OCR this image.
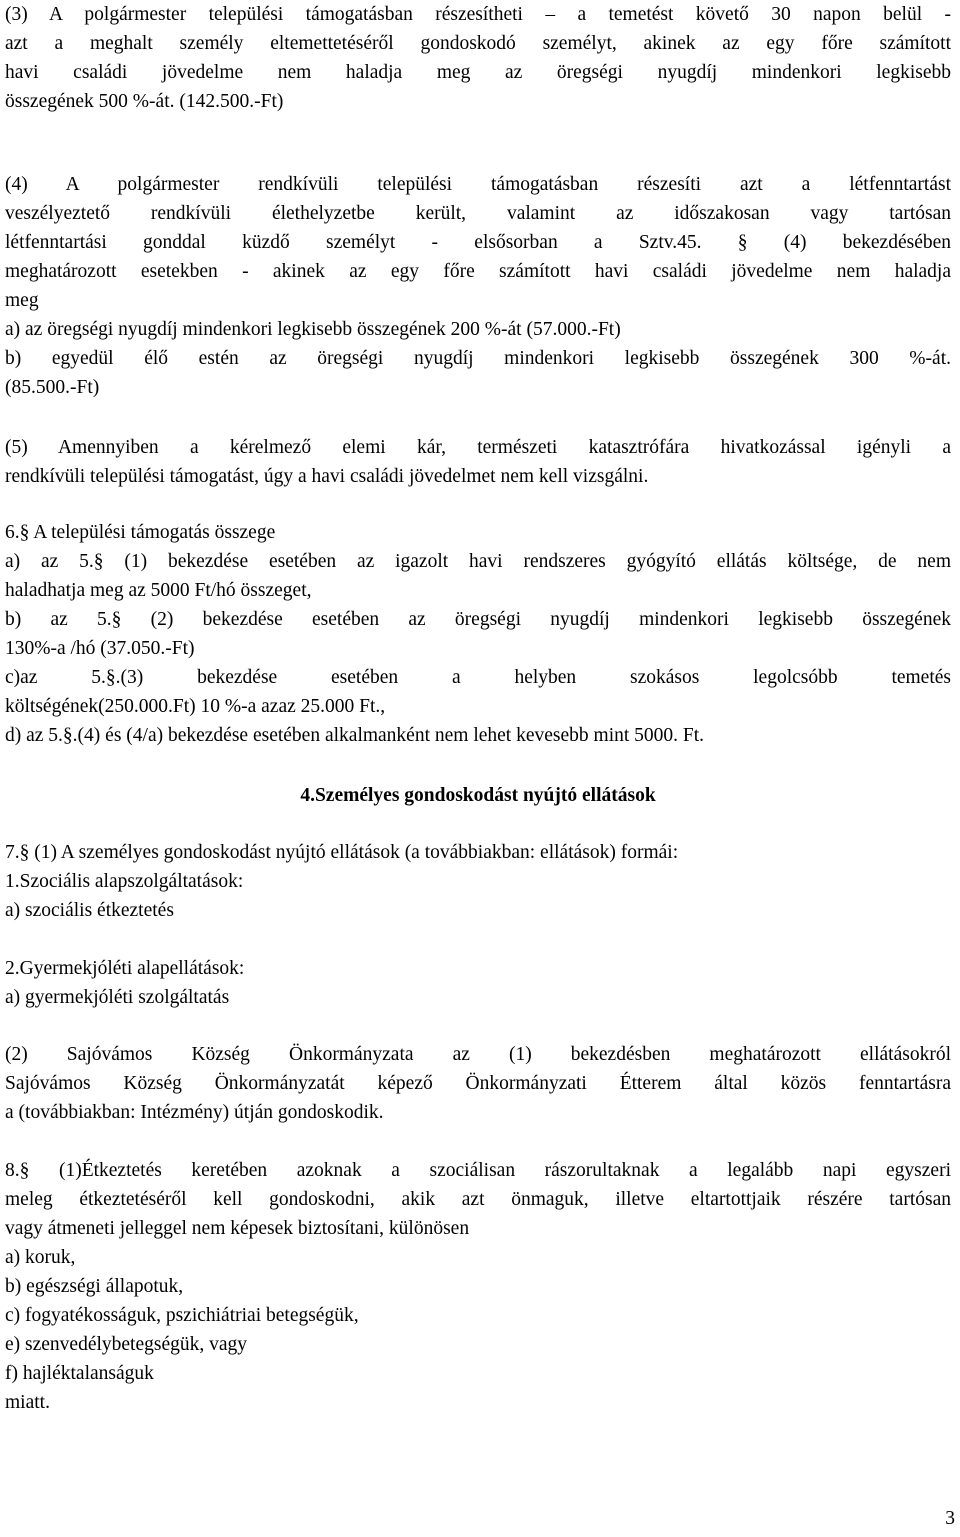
(3) A polgármester települési támogatásban részesítheti – a temetést követő 30 napon belül -

azt a meghalt személy eltemettetéséről gondoskodó személyt, akinek az egy főre számított

havi családi jövedelme nem haladja meg az öregségi nyugdíj mindenkori legkisebb

összegének 500 %-át. (142.500.-Ft)

(4) A polgármester rendkívüli települési támogatásban részesíti azt a létfenntartást

veszélyeztető rendkívüli élethelyzetbe került, valamint az időszakosan vagy tartósan

létfenntartási gonddal küzdő személyt - elsősorban a Sztv.45. § (4) bekezdésében

meghatározott esetekben - akinek az egy főre számított havi családi jövedelme nem haladja

meg

a) az öregségi nyugdíj mindenkori legkisebb összegének 200 %-át (57.000.-Ft)

b) egyedül élő estén az öregségi nyugdíj mindenkori legkisebb összegének 300 %-át.

(85.500.-Ft)

(5) Amennyiben a kérelmező elemi kár, természeti katasztrófára hivatkozással igényli a

rendkívüli települési támogatást, úgy a havi családi jövedelmet nem kell vizsgálni.

6.§ A települési támogatás összege

a) az 5.§ (1) bekezdése esetében az igazolt havi rendszeres gyógyító ellátás költsége, de nem

haladhatja meg az 5000 Ft/hó összeget,

b) az 5.§ (2) bekezdése esetében az öregségi nyugdíj mindenkori legkisebb összegének

130%-a /hó (37.050.-Ft)

c)az 5.§.(3) bekezdése esetében a helyben szokásos legolcsóbb temetés

költségének(250.000.Ft) 10 %-a azaz 25.000 Ft.,

d) az 5.§.(4) és (4/a) bekezdése esetében alkalmanként nem lehet kevesebb mint 5000. Ft.

4.Személyes gondoskodást nyújtó ellátások

7.§ (1) A személyes gondoskodást nyújtó ellátások (a továbbiakban: ellátások) formái:

1.Szociális alapszolgáltatások:

a) szociális étkeztetés

2.Gyermekjóléti alapellátások:

a) gyermekjóléti szolgáltatás

(2) Sajóvámos Község Önkormányzata az (1) bekezdésben meghatározott ellátásokról

Sajóvámos Község Önkormányzatát képező Önkormányzati Étterem által közös fenntartásra

a (továbbiakban: Intézmény) útján gondoskodik.

8.§ (1)Étkeztetés keretében azoknak a szociálisan rászorultaknak a legalább napi egyszeri

meleg étkeztetéséről kell gondoskodni, akik azt önmaguk, illetve eltartottjaik részére tartósan

vagy átmeneti jelleggel nem képesek biztosítani, különösen

a) koruk,

b) egészségi állapotuk,

c) fogyatékosságuk, pszichiátriai betegségük,

e) szenvedélybetegségük, vagy

f) hajléktalanságuk

miatt.

3
